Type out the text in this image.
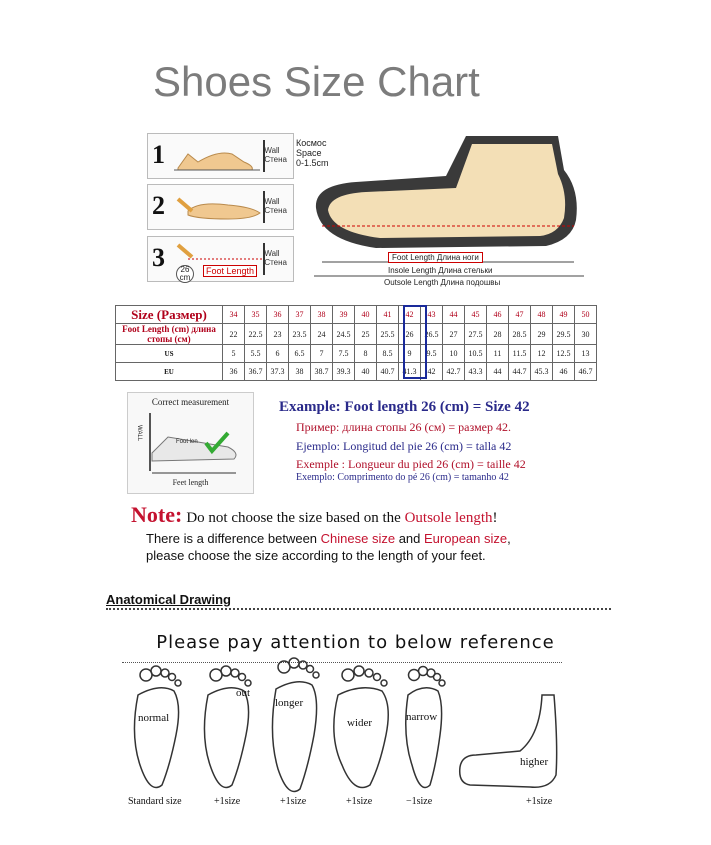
Shoes Size Chart
1	Wall
Стена
2	Wall
Стена
3	26
cm
Foot Length
Wall
Стена
Космос
Space
0-1.5cm
Foot Length Длина ноги
Insole Length Длина стельки
Outsole Length Длина подошвы
Size (Размер)	34	35	36	37	38	39	40	41	42	43	44	45	46	47	48	49	50
Foot Length (cm) длина стопы (см)	22	22.5	23	23.5	24	24.5	25	25.5	26	26.5	27	27.5	28	28.5	29	29.5	30
US	5	5.5	6	6.5	7	7.5	8	8.5	9	9.5	10	10.5	11	11.5	12	12.5	13
EU	36	36.7	37.3	38	38.7	39.3	40	40.7	41.3	42	42.7	43.3	44	44.7	45.3	46	46.7
Correct measurement
WALL
Foot len
Feet length
Example: Foot length 26 (cm) = Size 42
Пример: длина стопы 26 (см) = размер 42.
Ejemplo: Longitud del pie 26 (cm) = talla 42
Exemple : Longueur du pied 26 (cm) = taille 42
Exemplo: Comprimento do pé 26 (cm) = tamanho 42
Note: Do not choose the size based on the Outsole length!
There is a difference between Chinese size and European size,
please choose the size according to the length of your feet.
Anatomical Drawing
Please pay attention to below reference
normal
out
longer
wider	narrow
higher
Standard size	+1size	+1size	+1size	−1size	+1size
